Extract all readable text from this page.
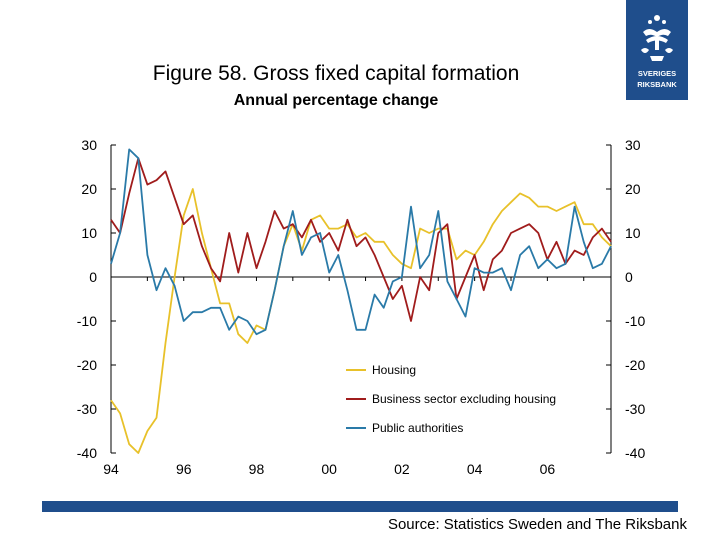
Figure 58. Gross fixed capital formation
Annual percentage change
SVERIGES
RIKSBANK
30	30
20	20
10	10
0	0
-10	-10
-20	-20
-30	-30
-40	-40
94	96	98	00	02	04	06
Housing
Business sector excluding housing
Public authorities
Source: Statistics Sweden and The Riksbank
